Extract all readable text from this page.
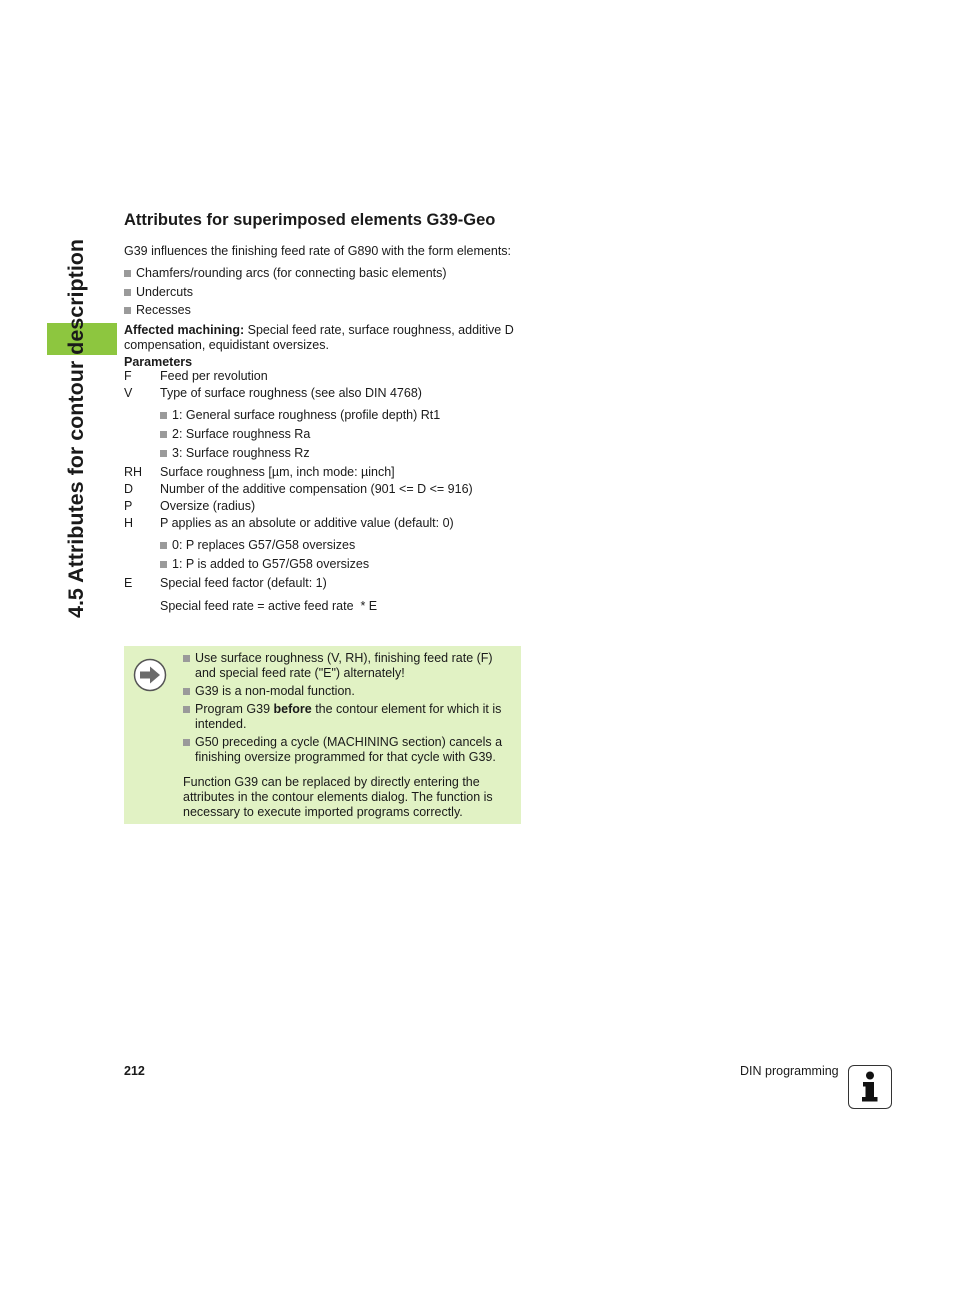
4.5 Attributes for contour description
Attributes for superimposed elements G39-Geo

G39 influences the finishing feed rate of G890 with the form elements:

Chamfers/rounding arcs (for connecting basic elements)
Undercuts
Recesses

Affected machining: Special feed rate, surface roughness, additive D compensation, equidistant oversizes.

Parameters
F	Feed per revolution
V	Type of surface roughness (see also DIN 4768)
1: General surface roughness (profile depth) Rt1
2: Surface roughness Ra
3: Surface roughness Rz
RH	Surface roughness [µm, inch mode: µinch]
D	Number of the additive compensation (901 <= D <= 916)
P	Oversize (radius)
H	P applies as an absolute or additive value (default: 0)
0: P replaces G57/G58 oversizes
1: P is added to G57/G58 oversizes
E	Special feed factor (default: 1)
Special feed rate = active feed rate  * E
Use surface roughness (V, RH), finishing feed rate (F) and special feed rate ("E") alternately!
G39 is a non-modal function.
Program G39 before the contour element for which it is intended.
G50 preceding a cycle (MACHINING section) cancels a finishing oversize programmed for that cycle with G39.

Function G39 can be replaced by directly entering the attributes in the contour elements dialog. The function is necessary to execute imported programs correctly.

212	DIN programming
